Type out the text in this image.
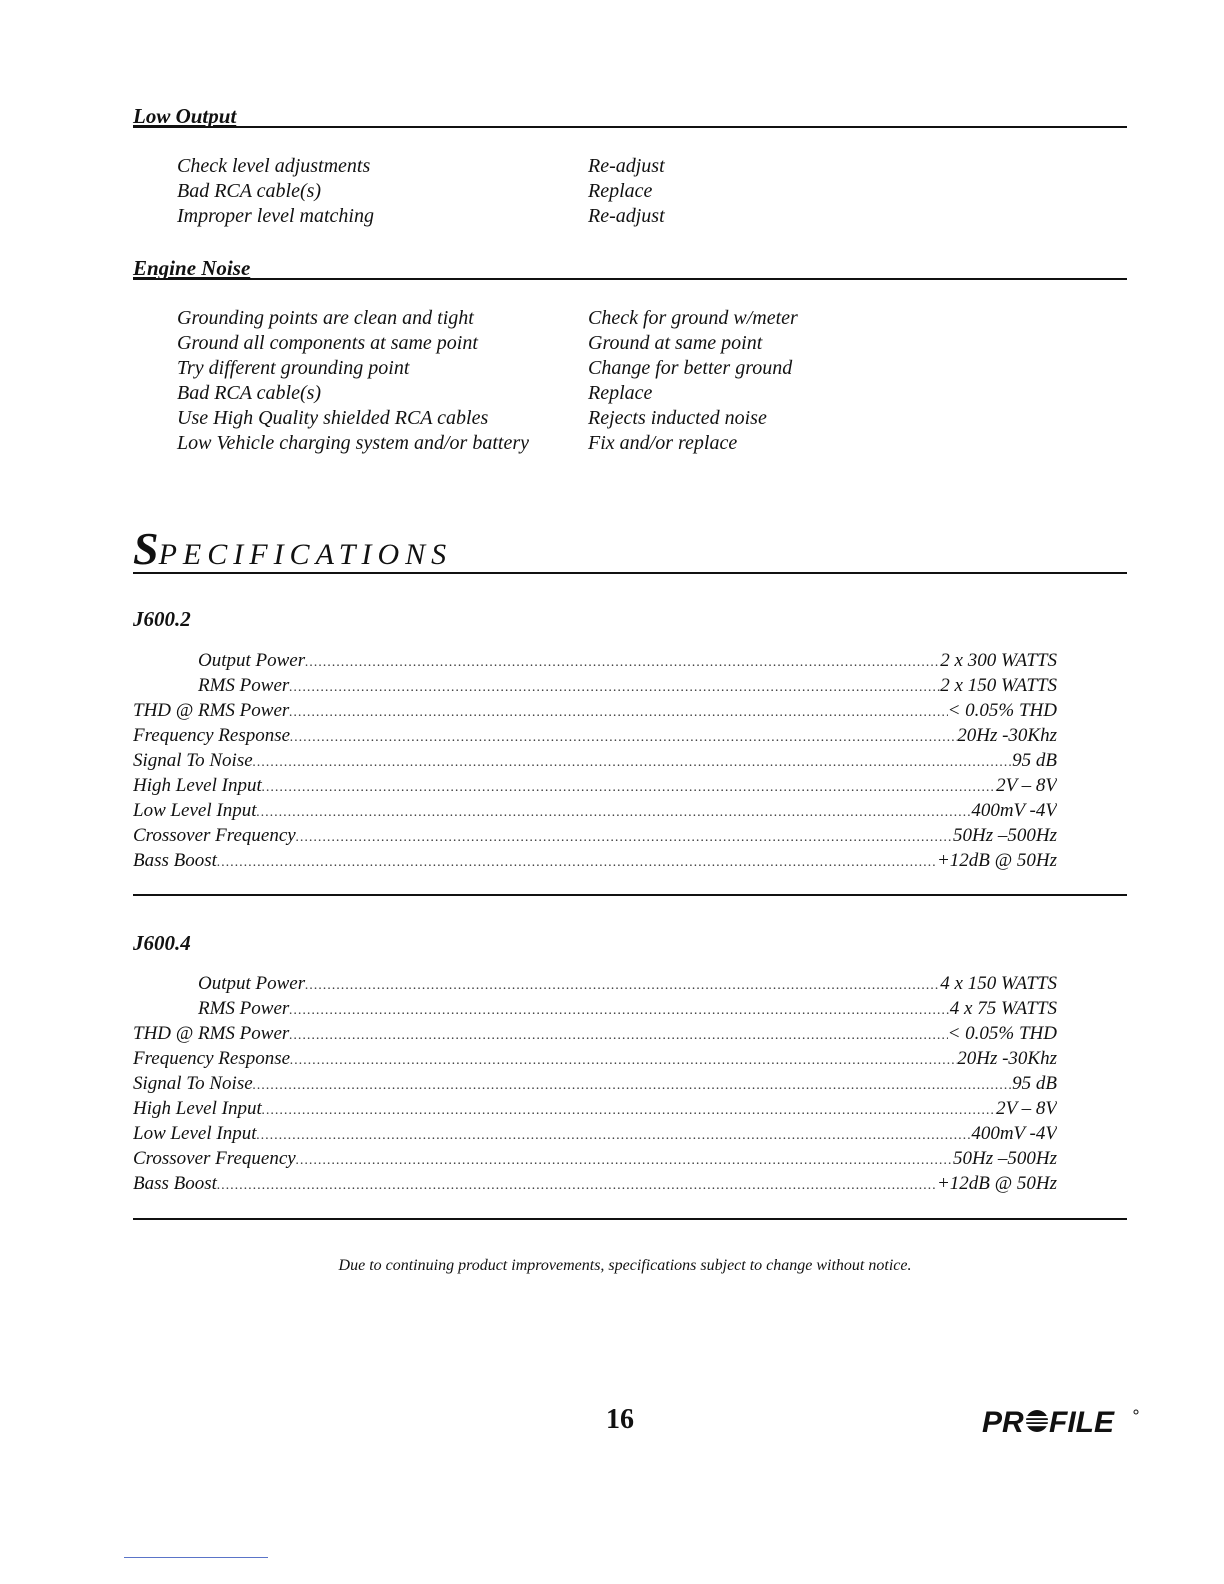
Low Output
Check level adjustments	Re-adjust
Bad RCA cable(s)	Replace
Improper level matching	Re-adjust
Engine Noise
Grounding points are clean and tight	Check for ground w/meter
Ground all components at same point	Ground at same point
Try different grounding point	Change for better ground
Bad RCA cable(s)	Replace
Use High Quality shielded RCA cables	Rejects inducted noise
Low Vehicle charging system and/or battery	Fix and/or replace
SPECIFICATIONS
J600.2
Output Power .....	2 x 300 WATTS
RMS Power .....	2 x 150 WATTS
THD @ RMS Power .....	< 0.05% THD
Frequency Response .....	20Hz -30Khz
Signal To Noise .....	95 dB
High Level Input .....	2V – 8V
Low Level Input .....	400mV -4V
Crossover Frequency .....	50Hz –500Hz
Bass Boost .....	+12dB @ 50Hz
J600.4
Output Power .....	4 x 150 WATTS
RMS Power .....	4 x 75 WATTS
THD @ RMS Power .....	< 0.05% THD
Frequency Response .....	20Hz -30Khz
Signal To Noise .....	95 dB
High Level Input .....	2V – 8V
Low Level Input .....	400mV -4V
Crossover Frequency .....	50Hz –500Hz
Bass Boost .....	+12dB @ 50Hz
Due to continuing product improvements, specifications subject to change without notice.
16	PR FILE
